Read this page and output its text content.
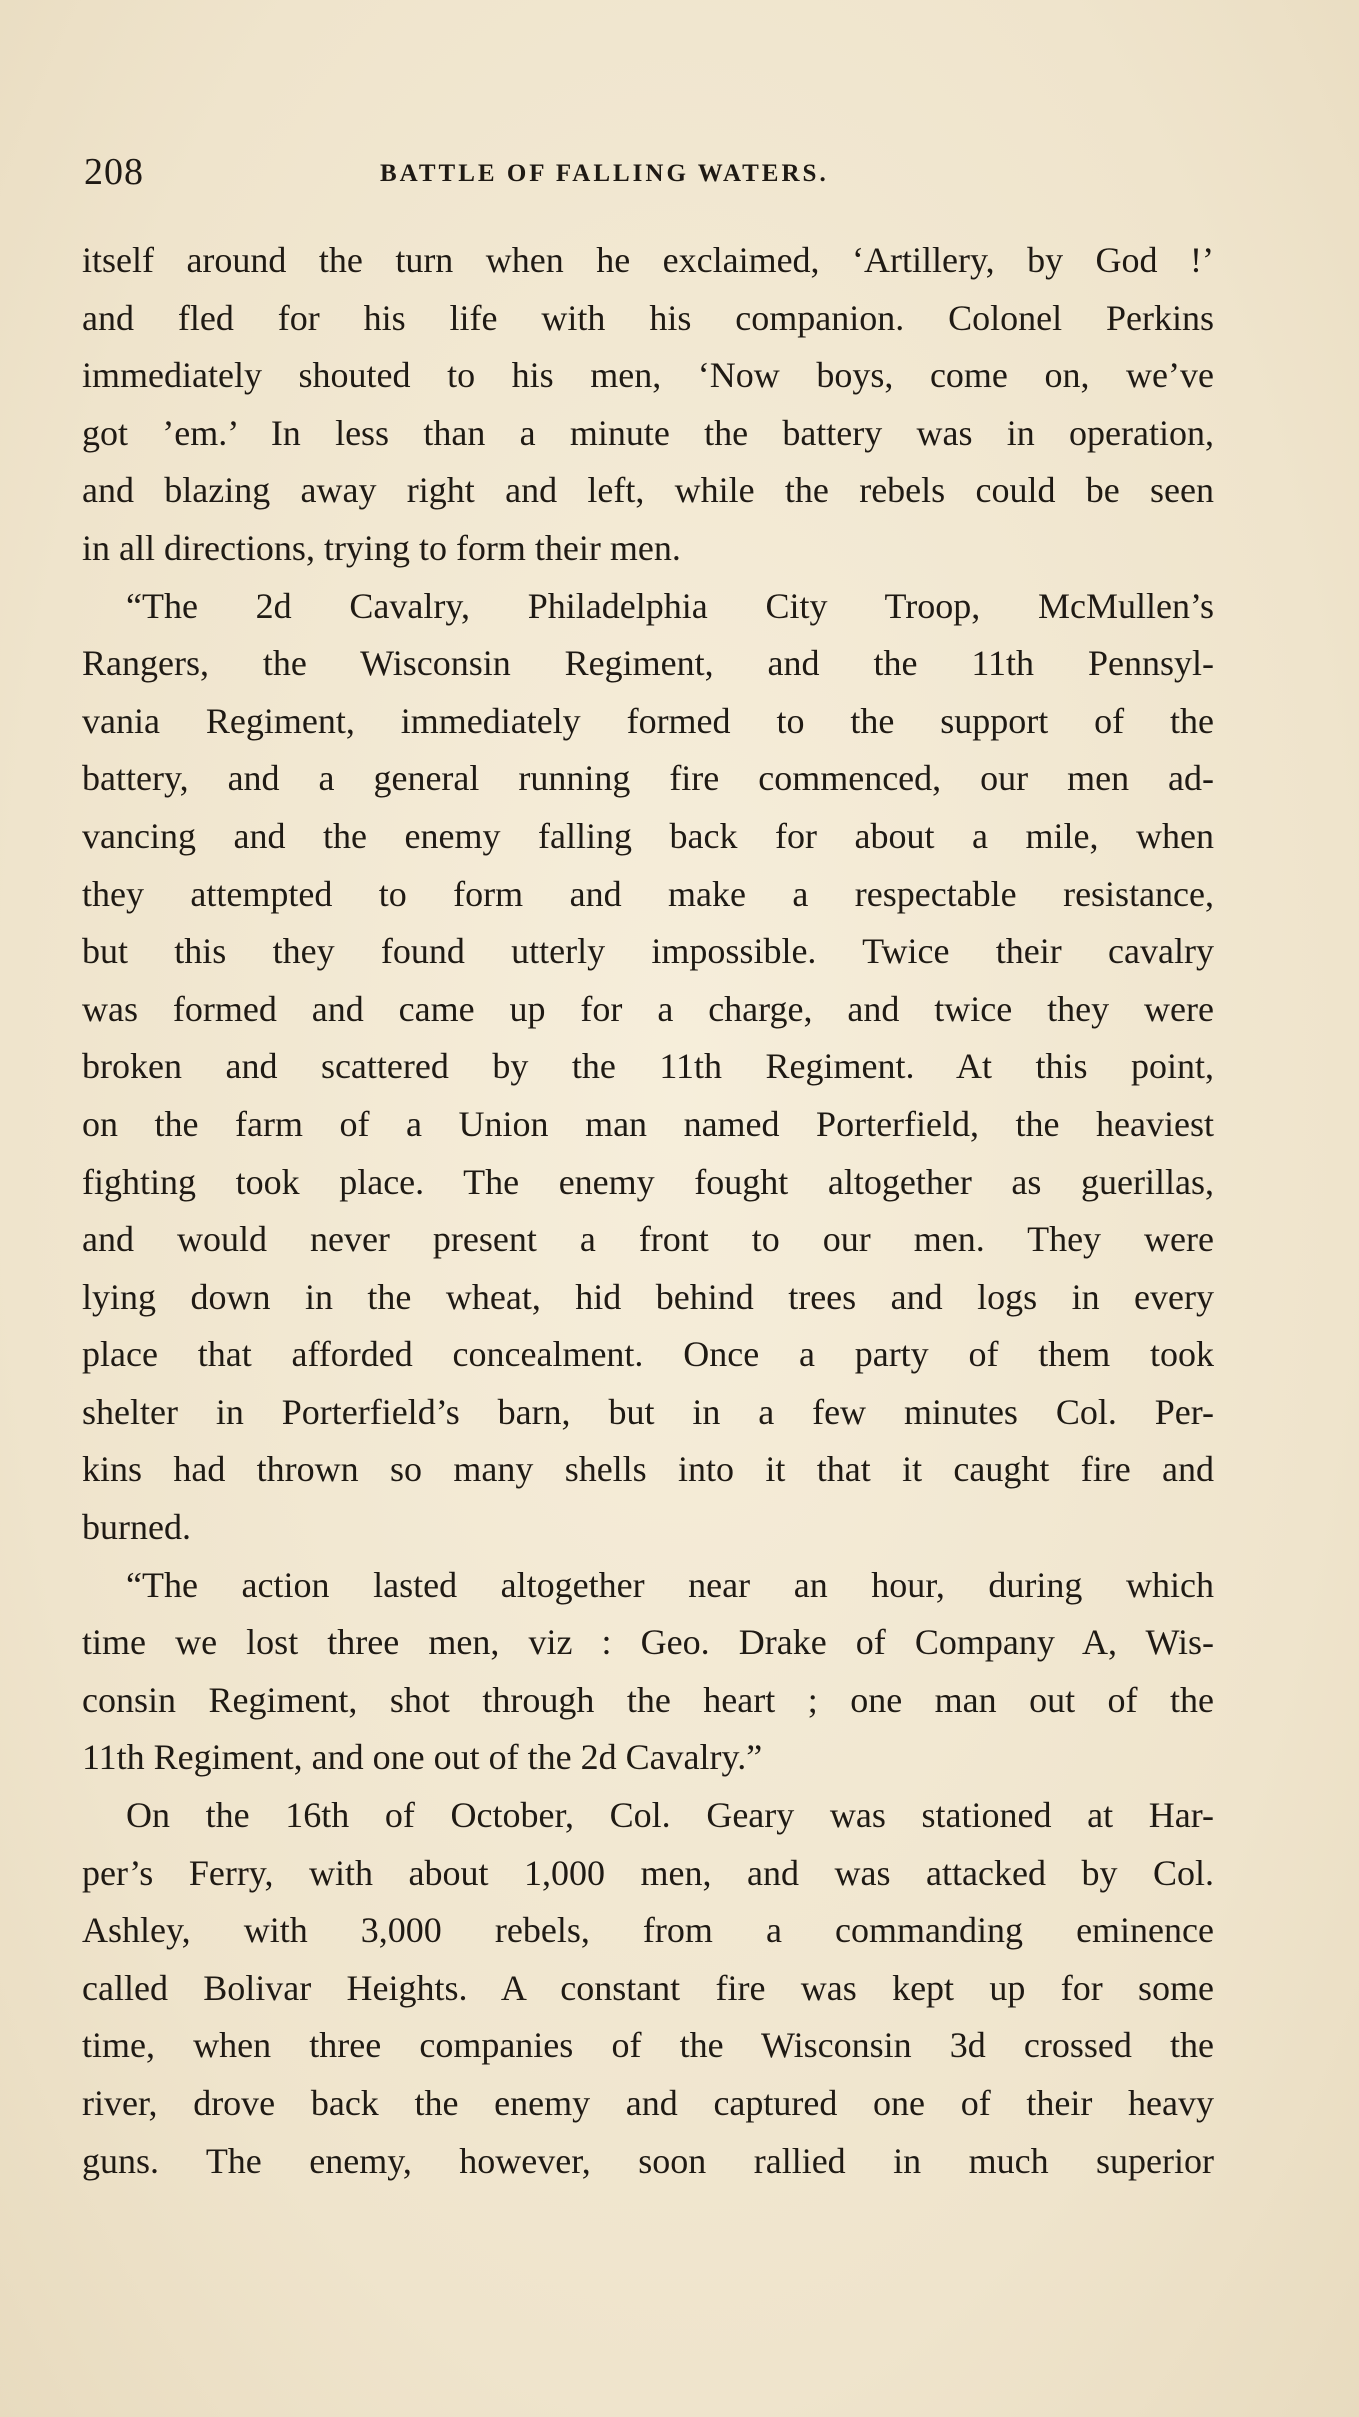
208	BATTLE OF FALLING WATERS.
itself around the turn when he exclaimed, ‘Artillery, by God !’
and fled for his life with his companion. Colonel Perkins
immediately shouted to his men, ‘Now boys, come on, we’ve
got ’em.’ In less than a minute the battery was in operation,
and blazing away right and left, while the rebels could be seen
in all directions, trying to form their men.
“The 2d Cavalry, Philadelphia City Troop, McMullen’s
Rangers, the Wisconsin Regiment, and the 11th Pennsyl-
vania Regiment, immediately formed to the support of the
battery, and a general running fire commenced, our men ad-
vancing and the enemy falling back for about a mile, when
they attempted to form and make a respectable resistance,
but this they found utterly impossible. Twice their cavalry
was formed and came up for a charge, and twice they were
broken and scattered by the 11th Regiment. At this point,
on the farm of a Union man named Porterfield, the heaviest
fighting took place. The enemy fought altogether as guerillas,
and would never present a front to our men. They were
lying down in the wheat, hid behind trees and logs in every
place that afforded concealment. Once a party of them took
shelter in Porterfield’s barn, but in a few minutes Col. Per-
kins had thrown so many shells into it that it caught fire and
burned.
“The action lasted altogether near an hour, during which
time we lost three men, viz : Geo. Drake of Company A, Wis-
consin Regiment, shot through the heart ; one man out of the
11th Regiment, and one out of the 2d Cavalry.”
On the 16th of October, Col. Geary was stationed at Har-
per’s Ferry, with about 1,000 men, and was attacked by Col.
Ashley, with 3,000 rebels, from a commanding eminence
called Bolivar Heights. A constant fire was kept up for some
time, when three companies of the Wisconsin 3d crossed the
river, drove back the enemy and captured one of their heavy
guns. The enemy, however, soon rallied in much superior
